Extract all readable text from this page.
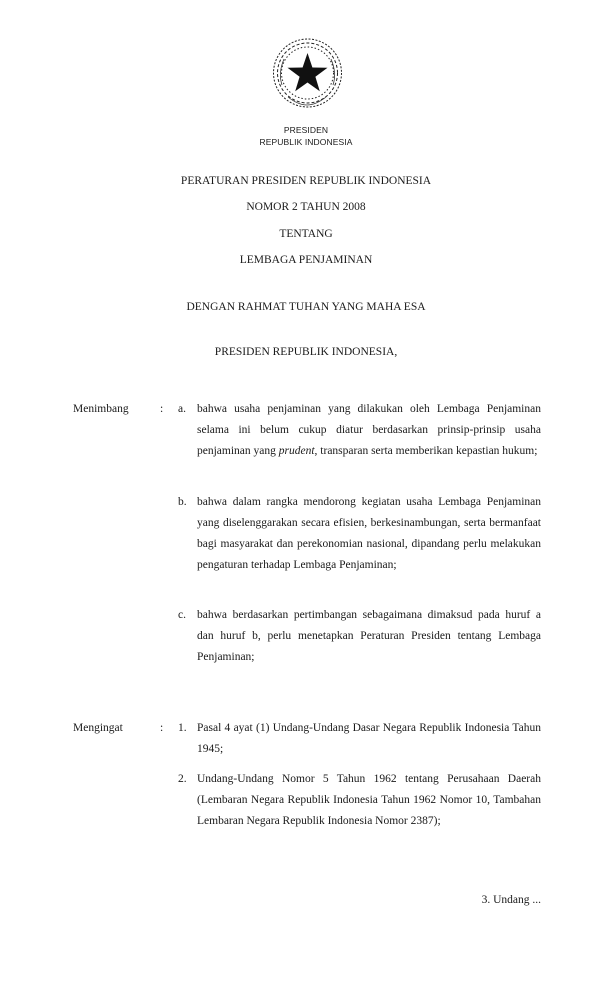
PRESIDEN
REPUBLIK INDONESIA
PERATURAN PRESIDEN REPUBLIK INDONESIA
NOMOR 2 TAHUN 2008
TENTANG
LEMBAGA PENJAMINAN
DENGAN RAHMAT TUHAN YANG MAHA ESA
PRESIDEN REPUBLIK INDONESIA,
Menimbang	: a. bahwa usaha penjaminan yang dilakukan oleh Lembaga Penjaminan selama ini belum cukup diatur berdasarkan prinsip-prinsip usaha penjaminan yang prudent, transparan serta memberikan kepastian hukum;
b. bahwa dalam rangka mendorong kegiatan usaha Lembaga Penjaminan yang diselenggarakan secara efisien, berkesinambungan, serta bermanfaat bagi masyarakat dan perekonomian nasional, dipandang perlu melakukan pengaturan terhadap Lembaga Penjaminan;
c. bahwa berdasarkan pertimbangan sebagaimana dimaksud pada huruf a dan huruf b, perlu menetapkan Peraturan Presiden tentang Lembaga Penjaminan;
Mengingat	: 1. Pasal 4 ayat (1) Undang-Undang Dasar Negara Republik Indonesia Tahun 1945;
2. Undang-Undang Nomor 5 Tahun 1962 tentang Perusahaan Daerah (Lembaran Negara Republik Indonesia Tahun 1962 Nomor 10, Tambahan Lembaran Negara Republik Indonesia Nomor 2387);
3. Undang ...
